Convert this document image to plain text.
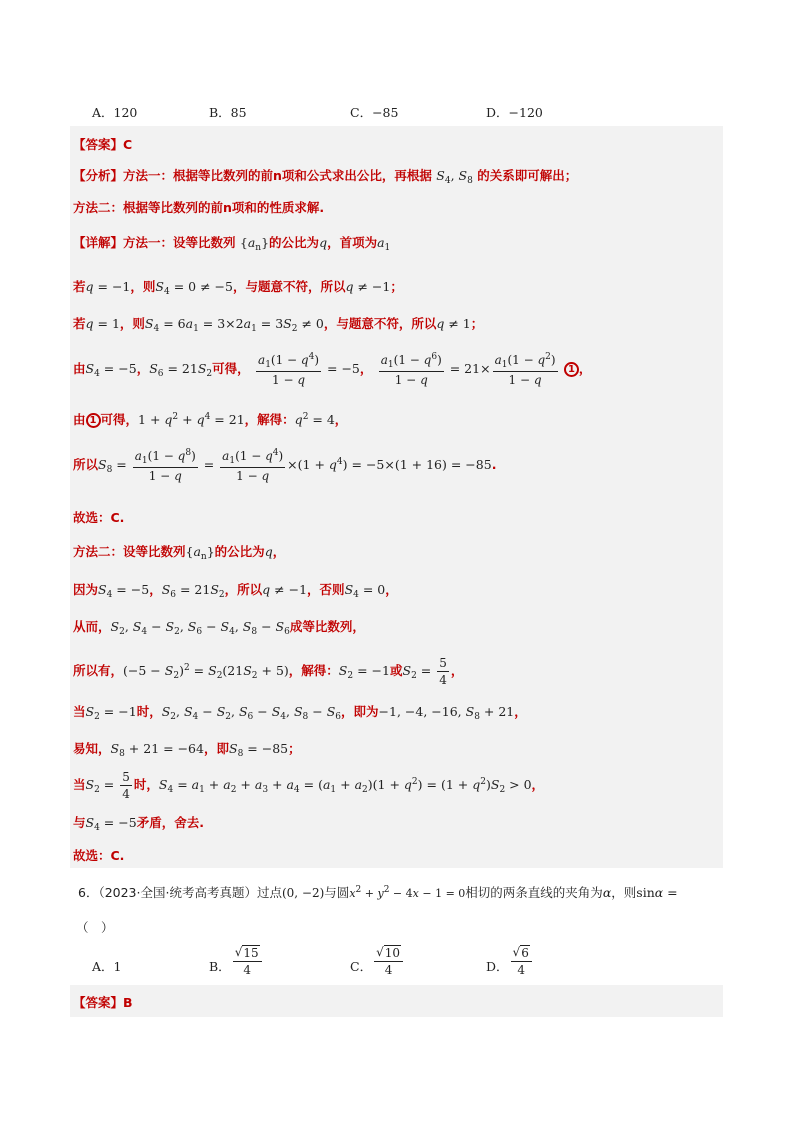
A．120	B．85	C．−85	D．−120
【答案】C
【分析】方法一：根据等比数列的前n项和公式求出公比，再根据 $S_4$, $S_8$ 的关系即可解出；
方法二：根据等比数列的前n项和的性质求解.
【详解】方法一：设等比数列 $\{a_n\}$的公比为q，首项为$a_1$
若q = −1，则$S_4 = 0 \ne -5$，与题意不符，所以q ≠ −1；
若q = 1，则$S_4 = 6a_1 = 3\times 2a_1 = 3S_2 \ne 0$，与题意不符，所以q ≠ 1；
由$S_4 = -5$，$S_6 = 21S_2$可得， $\frac{a_1(1 - q^4)}{1 - q} = -5$， $\frac{a_1(1 - q^6)}{1 - q} = 21\times \frac{a_1(1 - q^2)}{1 - q} 1$ ，
由 1 可得，$1 + q^2 + q^4 = 21$，解得：$q^2 = 4$，
所以$S_8 = \frac{a_1(1 - q^8)}{1 - q} = \frac{a_1(1 - q^4)}{1 - q} \times(1 + q^4) = -5\times(1 + 16) = -85$.
故选：C.
方法二：设等比数列$\{a_n\}$的公比为q，
因为$S_4 = -5$，$S_6 = 21S_2$，所以q ≠ −1，否则$S_4 = 0$，
从而，$S_2$, $S_4 - S_2$, $S_6 - S_4$, $S_8 - S_6$成等比数列，
所以有，$(-5 - S_2)^2 = S_2(21S_2 + 5)$，解得：$S_2 = -1$或$S_2 = \frac{5}{4}$ ，
当$S_2 = -1$时，$S_2$, $S_4 - S_2$, $S_6 - S_4$, $S_8 - S_6$，即为−1, −4, −16, $S_8 + 21$，
易知，$S_8 + 21 = -64$，即$S_8 = -85$；
当$S_2 = \frac{5}{4}$ 时，$S_4 = a_1 + a_2 + a_3 + a_4 = (a_1 + a_2)(1 + q^2) = (1 + q^2)S_2 > 0$，
与$S_4 = -5$矛盾，舍去.
故选：C.
6．（2023·全国·统考高考真题）过点(0, −2)与圆$x^2 + y^2 - 4x - 1 = 0$相切的两条直线的夹角为α，则sinα =
（　）
A．1	B． $\frac{√ 15}{4}$	C． $\frac{√ 10}{4}$	D． $\frac{√ 6}{4}$
【答案】B
